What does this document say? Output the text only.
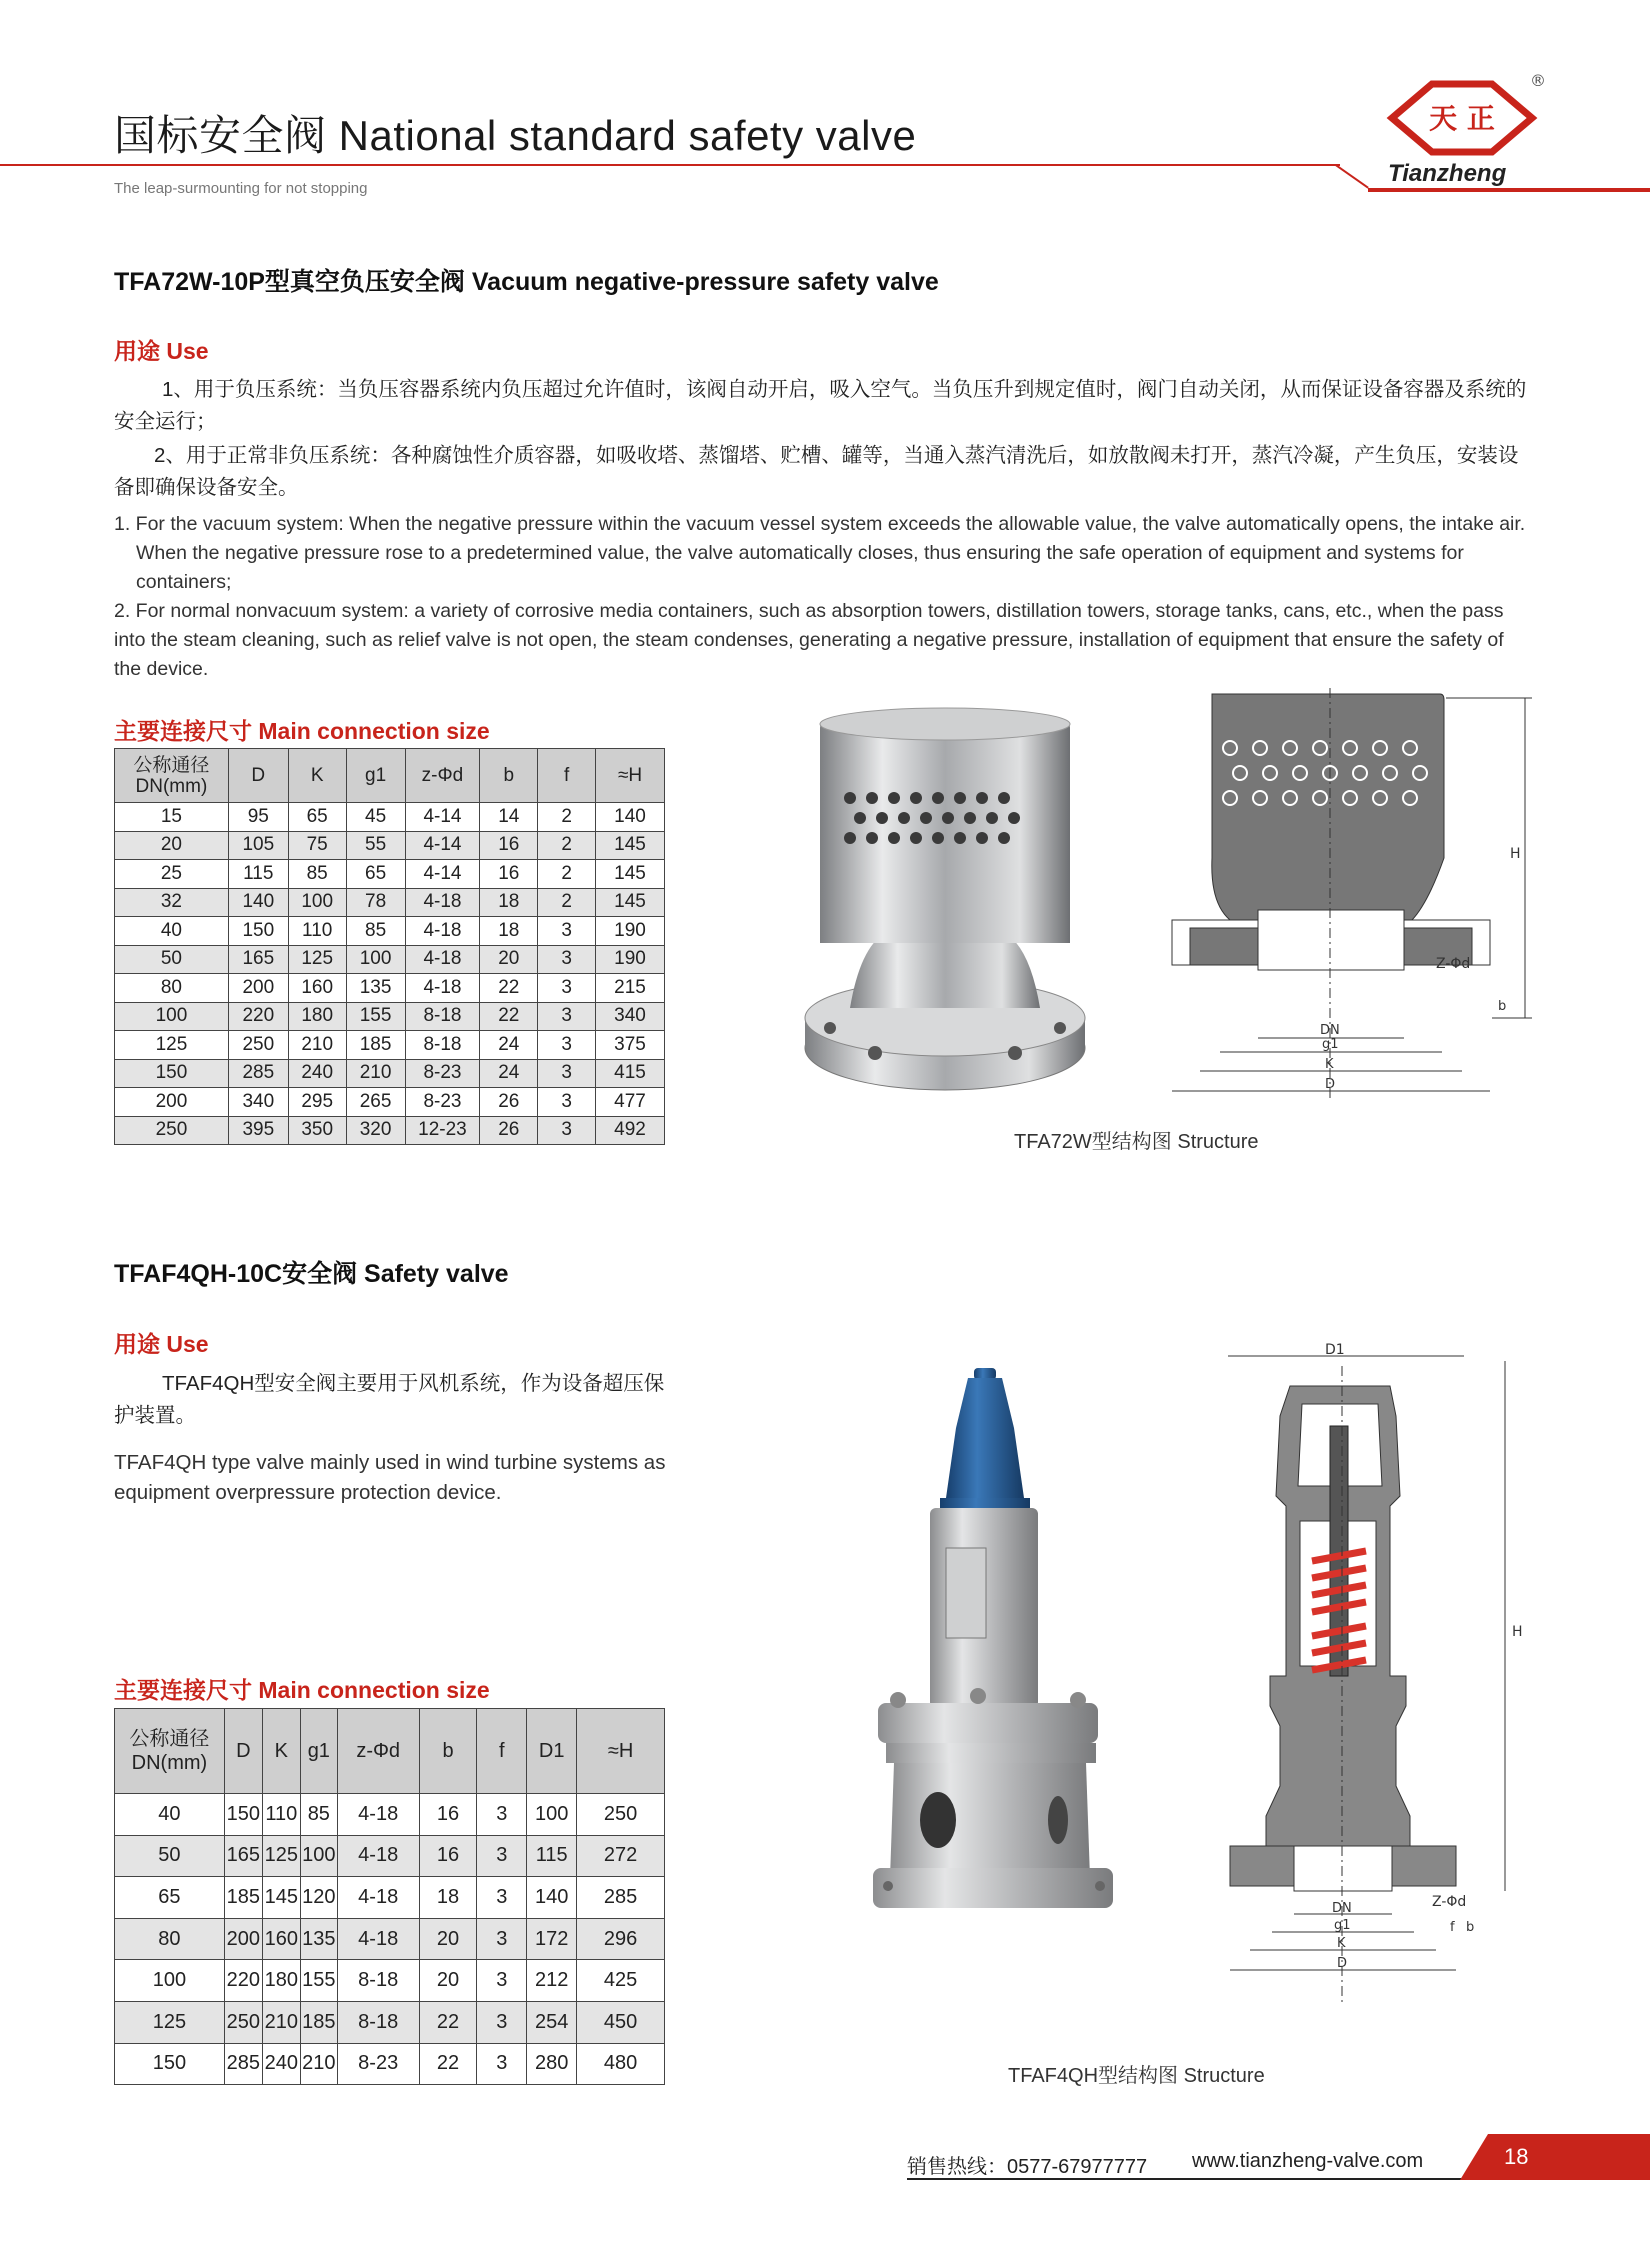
国标安全阀 National standard safety valve
The leap-surmounting for not stopping
天 正
®
Tianzheng
TFA72W-10P型真空负压安全阀 Vacuum negative-pressure safety valve
用途 Use
1、用于负压系统：当负压容器系统内负压超过允许值时，该阀自动开启，吸入空气。当负压升到规定值时，阀门自动关闭，从而保证设备容器及系统的安全运行；
2、用于正常非负压系统：各种腐蚀性介质容器，如吸收塔、蒸馏塔、贮槽、罐等，当通入蒸汽清洗后，如放散阀未打开，蒸汽冷凝，产生负压，安装设备即确保设备安全。
1. For the vacuum system: When the negative pressure within the vacuum vessel system exceeds the allowable value, the valve automatically opens, the intake air. When the negative pressure rose to a predetermined value, the valve automatically closes, thus ensuring the safe operation of equipment and systems for containers;
2. For normal nonvacuum system: a variety of corrosive media containers, such as absorption towers, distillation towers, storage tanks, cans, etc., when the pass into the steam cleaning, such as relief valve is not open, the steam condenses, generating a negative pressure, installation of equipment that ensure the safety of the device.
主要连接尺寸 Main connection size
公称通径 DN(mm)	D	K	g1	z-Φd	b	f	≈H
15	95	65	45	4-14	14	2	140
20	105	75	55	4-14	16	2	145
25	115	85	65	4-14	16	2	145
32	140	100	78	4-18	18	2	145
40	150	110	85	4-18	18	3	190
50	165	125	100	4-18	20	3	190
80	200	160	135	4-18	22	3	215
100	220	180	155	8-18	22	3	340
125	250	210	185	8-18	24	3	375
150	285	240	210	8-23	24	3	415
200	340	295	265	8-23	26	3	477
250	395	350	320	12-23	26	3	492
H
Z-Φd
DN
g1
K
D
b
TFA72W型结构图 Structure
TFAF4QH-10C安全阀 Safety valve
用途 Use
TFAF4QH型安全阀主要用于风机系统，作为设备超压保护装置。
TFAF4QH type valve mainly used in wind turbine systems as equipment overpressure protection device.
主要连接尺寸 Main connection size
公称通径 DN(mm)	D	K	g1	z-Φd	b	f	D1	≈H
40	150	110	85	4-18	16	3	100	250
50	165	125	100	4-18	16	3	115	272
65	185	145	120	4-18	18	3	140	285
80	200	160	135	4-18	20	3	172	296
100	220	180	155	8-18	20	3	212	425
125	250	210	185	8-18	22	3	254	450
150	285	240	210	8-23	22	3	280	480
D1
H
Z-Φd
DN
g1
K
D
b
f
TFAF4QH型结构图 Structure
销售热线：0577-67977777 www.tianzheng-valve.com	18
